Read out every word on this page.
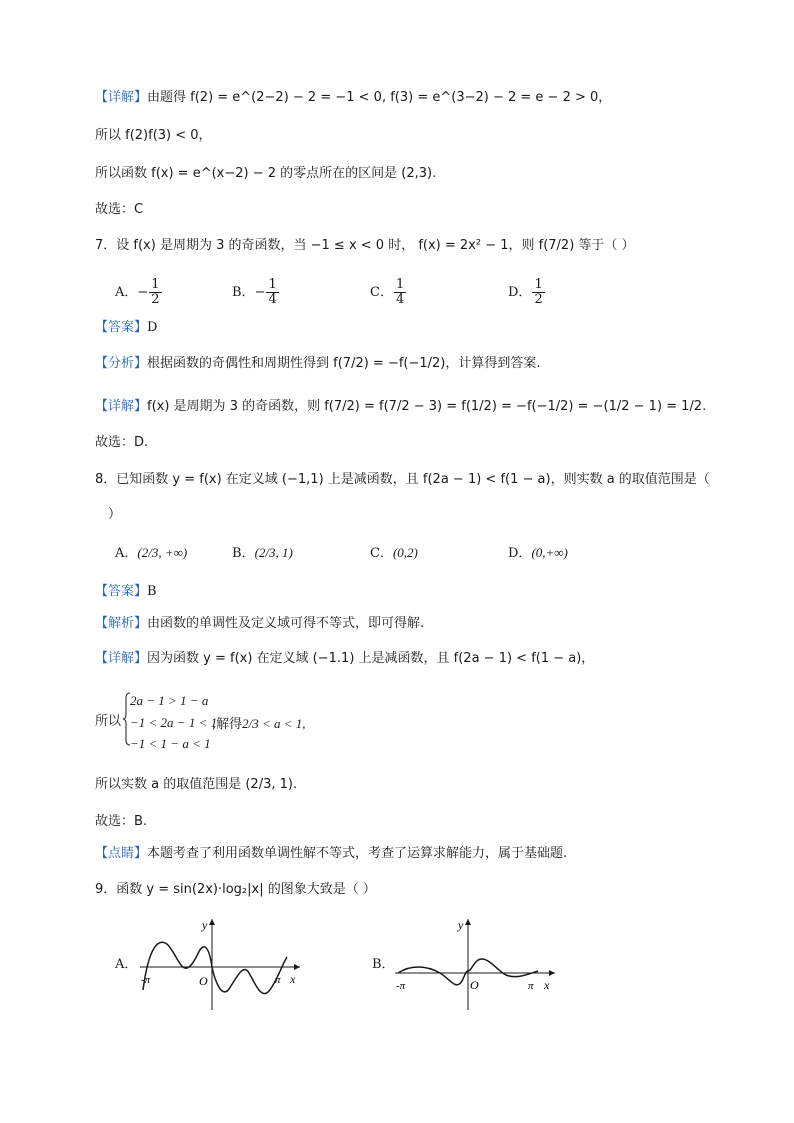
【详解】由题得 f(2) = e^(2−2) − 2 = −1 < 0, f(3) = e^(3−2) − 2 = e − 2 > 0，
所以 f(2)f(3) < 0，
所以函数 f(x) = e^(x−2) − 2 的零点所在的区间是 (2,3).
故选：C
7．设 f(x) 是周期为 3 的奇函数，当 −1 ≤ x < 0 时， f(x) = 2x² − 1，则 f(7/2) 等于（ ）
A．− $\frac{1}{2}$	B．− $\frac{1}{4}$	C． $\frac{1}{4}$	D． $\frac{1}{2}$
【答案】D
【分析】根据函数的奇偶性和周期性得到 f(7/2) = −f(−1/2)，计算得到答案.
【详解】f(x) 是周期为 3 的奇函数，则 f(7/2) = f(7/2 − 3) = f(1/2) = −f(−1/2) = −(1/2 − 1) = 1/2.
故选：D.
8．已知函数 y = f(x) 在定义域 (−1,1) 上是减函数，且 f(2a − 1) < f(1 − a)，则实数 a 的取值范围是（
）
A．(2/3, +∞)	B．(2/3, 1)	C．(0,2)	D．(0,+∞)
【答案】B
【解析】由函数的单调性及定义域可得不等式，即可得解.
【详解】因为函数 y = f(x) 在定义域 (−1.1) 上是减函数，且 f(2a − 1) < f(1 − a)，
所以
2a − 1 > 1 − a
−1 < 2a − 1 < 1
−1 < 1 − a < 1
,解得2/3 < a < 1,
所以实数 a 的取值范围是 (2/3, 1).
故选：B.
【点睛】本题考查了利用函数单调性解不等式，考查了运算求解能力，属于基础题.
9．函数 y = sin(2x)·log₂|x| 的图象大致是（ ）
A．
-π	π x
y
O
B．
-π	π x
y
O
